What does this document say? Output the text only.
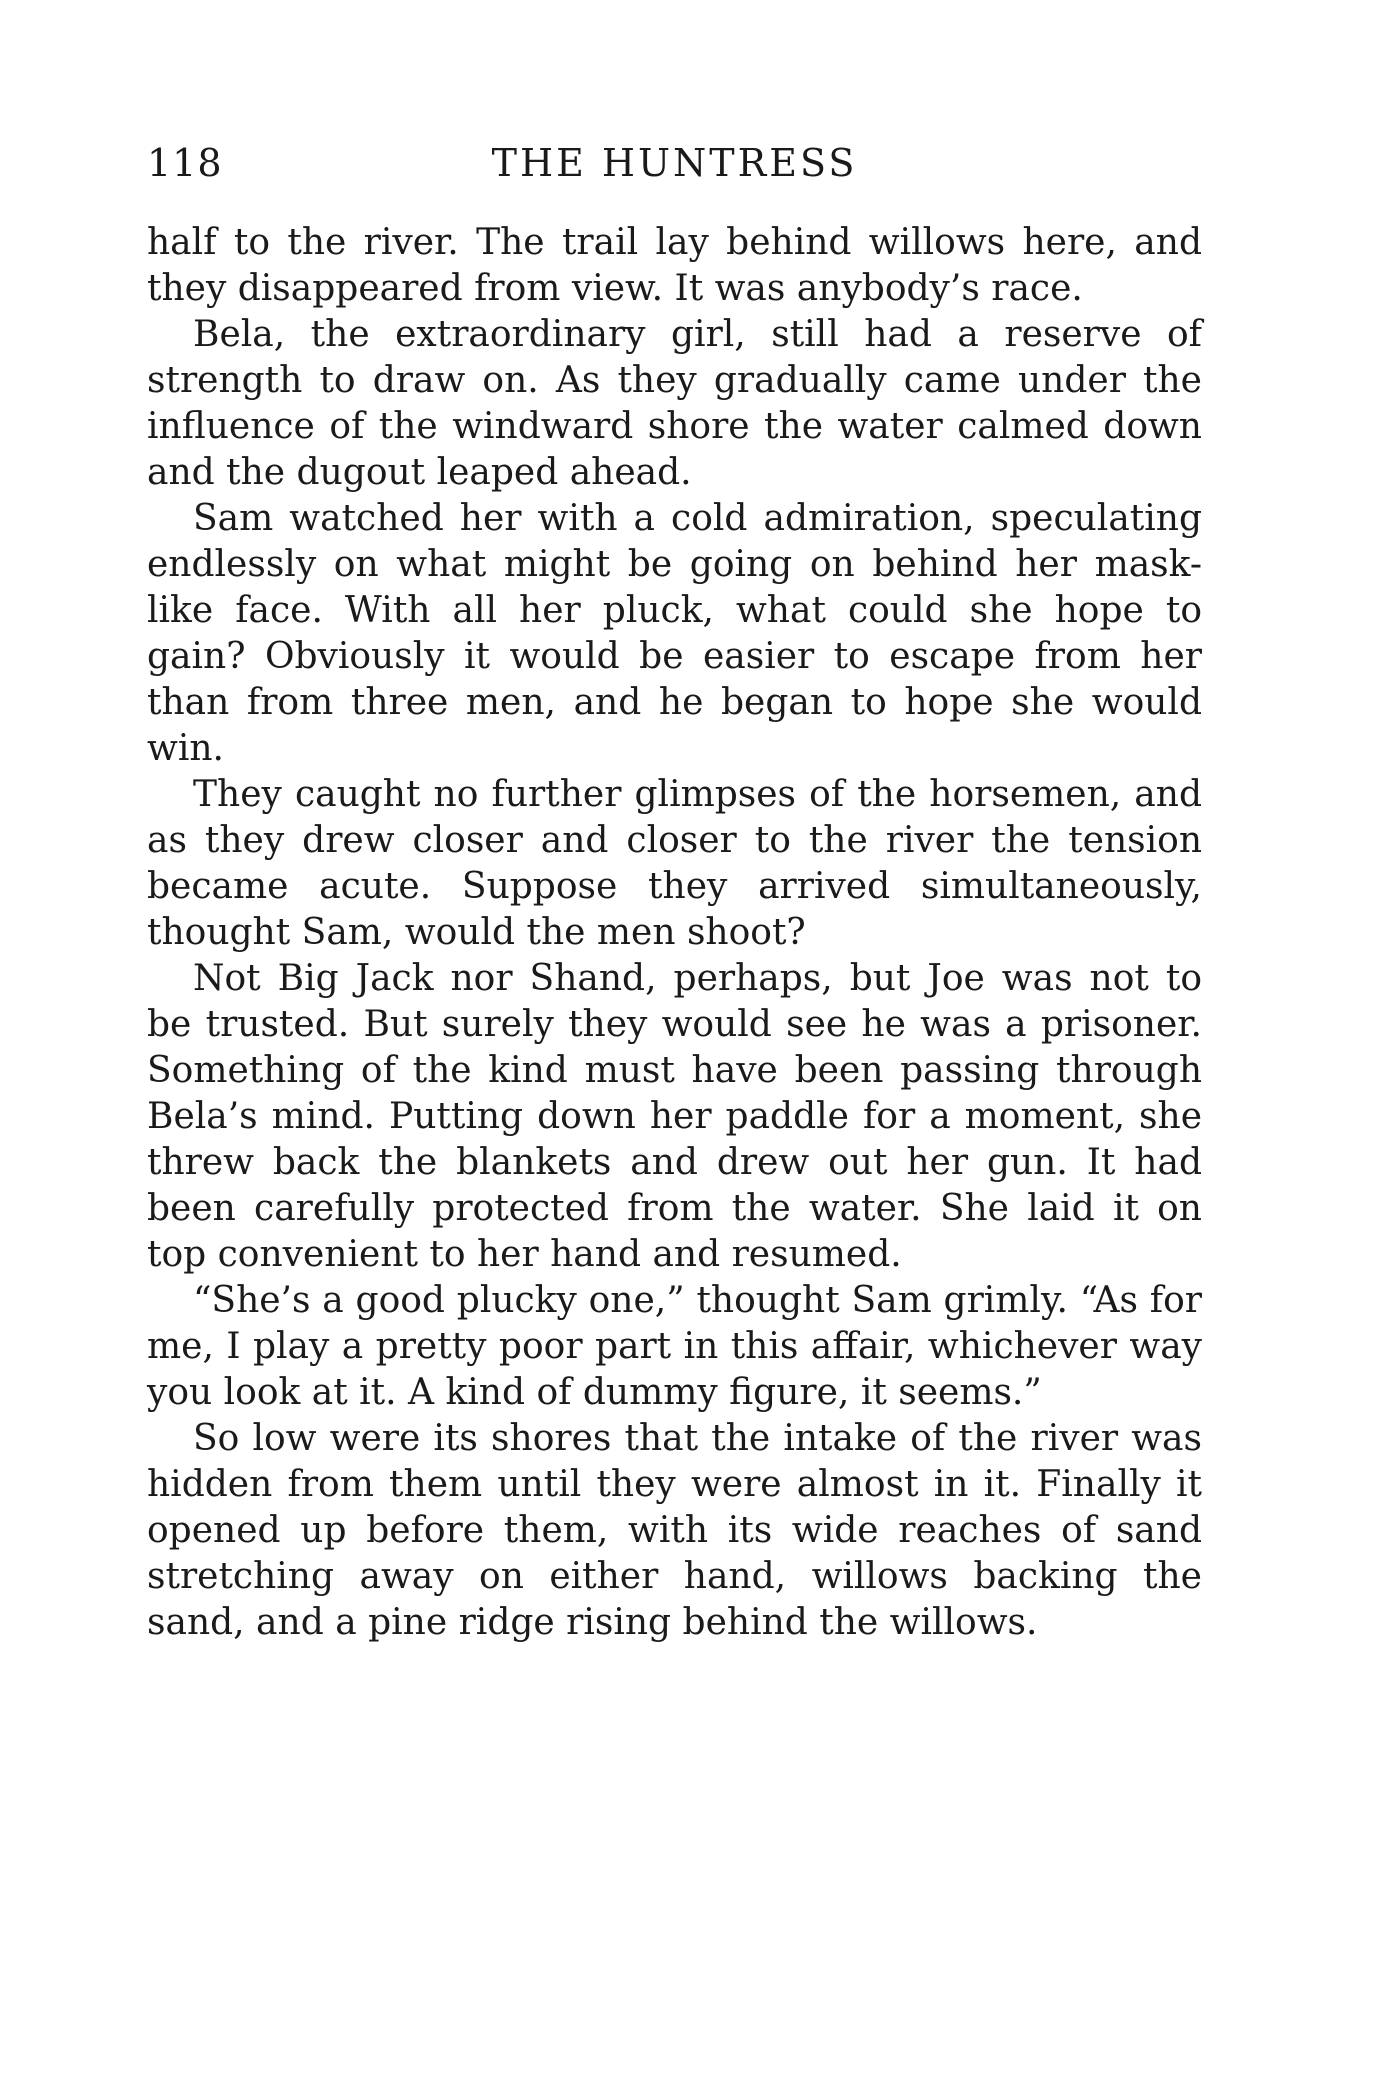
118	THE HUNTRESS

half to the river. The trail lay behind willows here, and they disappeared from view. It was anybody’s race.

Bela, the extraordinary girl, still had a reserve of strength to draw on. As they gradually came under the influence of the windward shore the water calmed down and the dugout leaped ahead.

Sam watched her with a cold admiration, speculating endlessly on what might be going on behind her mask-like face. With all her pluck, what could she hope to gain? Obviously it would be easier to escape from her than from three men, and he began to hope she would win.

They caught no further glimpses of the horsemen, and as they drew closer and closer to the river the tension became acute. Suppose they arrived simultaneously, thought Sam, would the men shoot?

Not Big Jack nor Shand, perhaps, but Joe was not to be trusted. But surely they would see he was a prisoner. Something of the kind must have been passing through Bela’s mind. Putting down her paddle for a moment, she threw back the blankets and drew out her gun. It had been carefully protected from the water. She laid it on top convenient to her hand and resumed.

“She’s a good plucky one,” thought Sam grimly. “As for me, I play a pretty poor part in this affair, whichever way you look at it. A kind of dummy figure, it seems.”

So low were its shores that the intake of the river was hidden from them until they were almost in it. Finally it opened up before them, with its wide reaches of sand stretching away on either hand, willows backing the sand, and a pine ridge rising behind the willows.
